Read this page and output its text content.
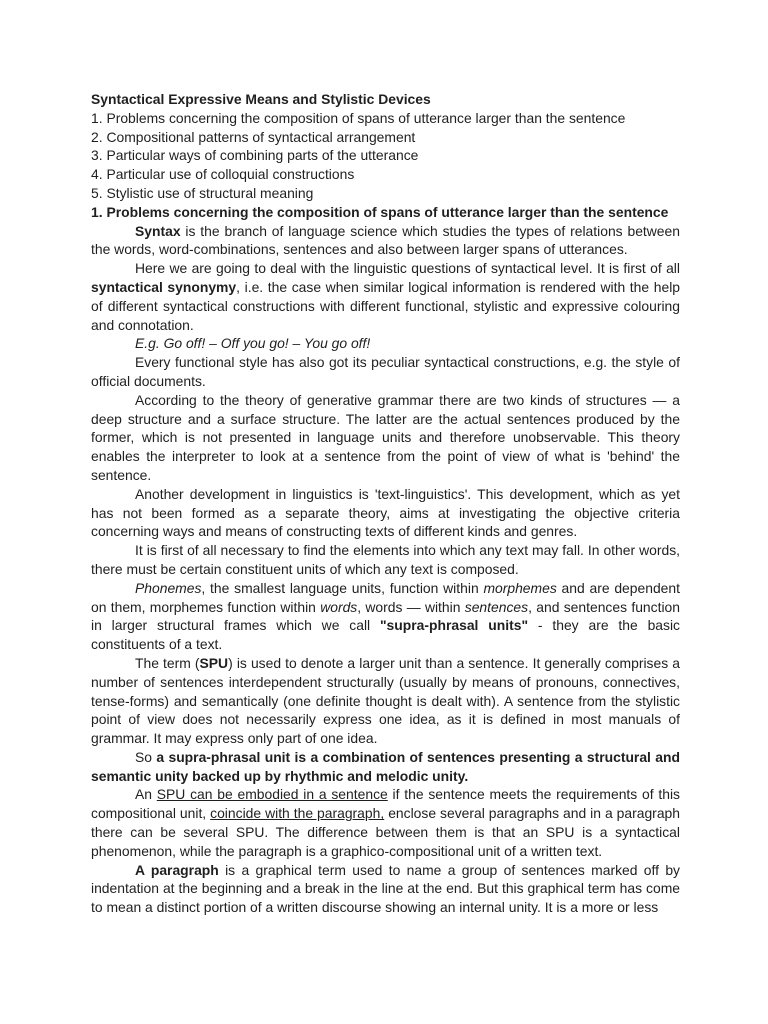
Syntactical Expressive Means and Stylistic Devices
1. Problems concerning the composition of spans of utterance larger than the sentence
2. Compositional patterns of syntactical arrangement
3. Particular ways of combining parts of the utterance
4. Particular use of colloquial constructions
5. Stylistic use of structural meaning
1. Problems concerning the composition of spans of utterance larger than the sentence

Syntax is the branch of language science which studies the types of relations between the words, word-combinations, sentences and also between larger spans of utterances.

Here we are going to deal with the linguistic questions of syntactical level. It is first of all syntactical synonymy, i.e. the case when similar logical information is rendered with the help of different syntactical constructions with different functional, stylistic and expressive colouring and connotation.

E.g. Go off! – Off you go! – You go off!

Every functional style has also got its peculiar syntactical constructions, e.g. the style of official documents.

According to the theory of generative grammar there are two kinds of structures — a deep structure and a surface structure. The latter are the actual sentences produced by the former, which is not presented in language units and therefore unobservable. This theory enables the interpreter to look at a sentence from the point of view of what is 'behind' the sentence.

Another development in linguistics is 'text-linguistics'. This development, which as yet has not been formed as a separate theory, aims at investigating the objective criteria concerning ways and means of constructing texts of different kinds and genres.

It is first of all necessary to find the elements into which any text may fall. In other words, there must be certain constituent units of which any text is composed.

Phonemes, the smallest language units, function within morphemes and are dependent on them, morphemes function within words, words — within sentences, and sentences function in larger structural frames which we call "supra-phrasal units" - they are the basic constituents of a text.

The term (SPU) is used to denote a larger unit than a sentence. It generally comprises a number of sentences interdependent structurally (usually by means of pronouns, connectives, tense-forms) and semantically (one definite thought is dealt with). A sentence from the stylistic point of view does not necessarily express one idea, as it is defined in most manuals of grammar. It may express only part of one idea.

So a supra-phrasal unit is a combination of sentences presenting a structural and semantic unity backed up by rhythmic and melodic unity.

An SPU can be embodied in a sentence if the sentence meets the requirements of this compositional unit, coincide with the paragraph, enclose several paragraphs and in a paragraph there can be several SPU. The difference between them is that an SPU is a syntactical phenomenon, while the paragraph is a graphico-compositional unit of a written text.

A paragraph is a graphical term used to name a group of sentences marked off by indentation at the beginning and a break in the line at the end. But this graphical term has come to mean a distinct portion of a written discourse showing an internal unity. It is a more or less
